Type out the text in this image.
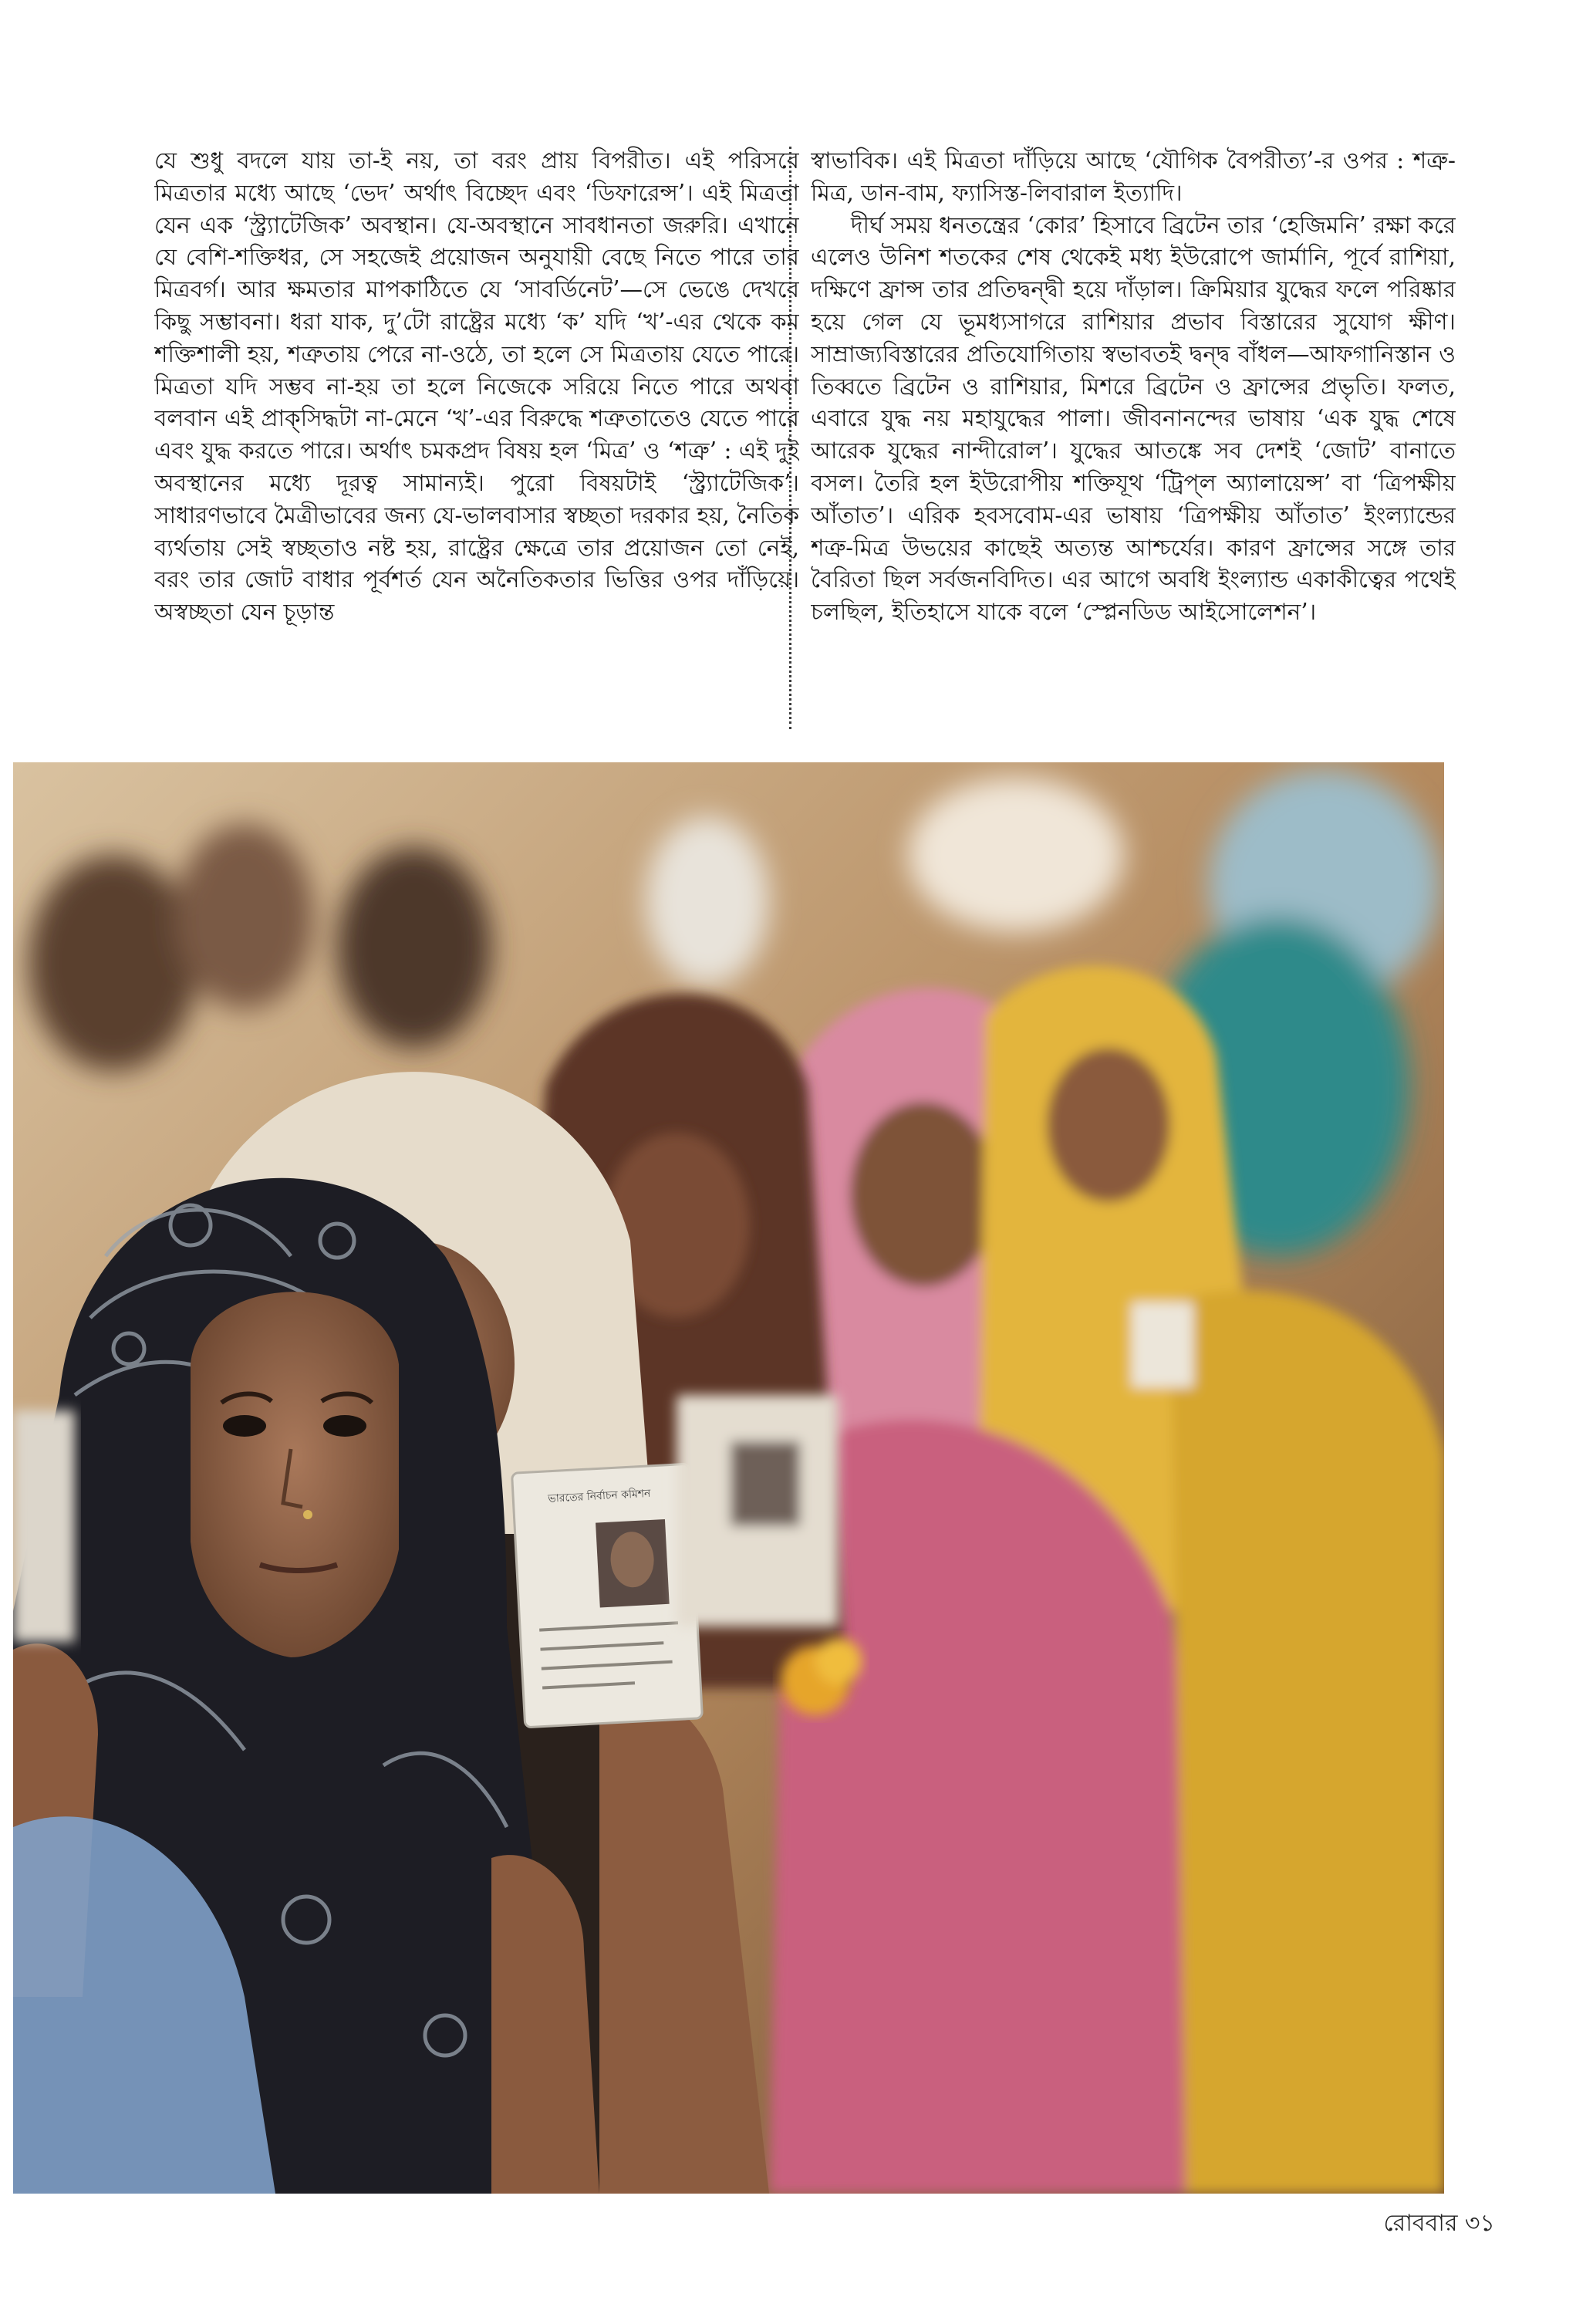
যে শুধু বদলে যায় তা-ই নয়, তা বরং প্রায় বিপরীত। এই পরিসরে মিত্রতার মধ্যে আছে ‘ভেদ’ অর্থাৎ বিচ্ছেদ এবং ‘ডিফারেন্স’। এই মিত্রতা যেন এক ‘স্ট্র্যাটেজিক’ অবস্থান। যে-অবস্থানে সাবধানতা জরুরি। এখানে যে বেশি-শক্তিধর, সে সহজেই প্রয়োজন অনুযায়ী বেছে নিতে পারে তার মিত্রবর্গ। আর ক্ষমতার মাপকাঠিতে যে ‘সাবর্ডিনেট’—সে ভেঙে দেখবে কিছু সম্ভাবনা। ধরা যাক, দু’টো রাষ্ট্রের মধ্যে ‘ক’ যদি ‘খ’-এর থেকে কম শক্তিশালী হয়, শত্রুতায় পেরে না-ওঠে, তা হলে সে মিত্রতায় যেতে পারে। মিত্রতা যদি সম্ভব না-হয় তা হলে নিজেকে সরিয়ে নিতে পারে অথবা বলবান এই প্রাক্‌সিদ্ধটা না-মেনে ‘খ’-এর বিরুদ্ধে শত্রুতাতেও যেতে পারে এবং যুদ্ধ করতে পারে। অর্থাৎ চমকপ্রদ বিষয় হল ‘মিত্র’ ও ‘শত্রু’ : এই দুই অবস্থানের মধ্যে দূরত্ব সামান্যই। পুরো বিষয়টাই ‘স্ট্র্যাটেজিক’। সাধারণভাবে মৈত্রীভাবের জন্য যে-ভালবাসার স্বচ্ছতা দরকার হয়, নৈতিক ব্যর্থতায় সেই স্বচ্ছতাও নষ্ট হয়, রাষ্ট্রের ক্ষেত্রে তার প্রয়োজন তো নেই, বরং তার জোট বাধার পূর্বশর্ত যেন অনৈতিকতার ভিত্তির ওপর দাঁড়িয়ে। অস্বচ্ছতা যেন চূড়ান্ত

স্বাভাবিক। এই মিত্রতা দাঁড়িয়ে আছে ‘যৌগিক বৈপরীত্য’-র ওপর : শত্রু-মিত্র, ডান-বাম, ফ্যাসিস্ত-লিবারাল ইত্যাদি।

দীর্ঘ সময় ধনতন্ত্রের ‘কোর’ হিসাবে ব্রিটেন তার ‘হেজিমনি’ রক্ষা করে এলেও উনিশ শতকের শেষ থেকেই মধ্য ইউরোপে জার্মানি, পূর্বে রাশিয়া, দক্ষিণে ফ্রান্স তার প্রতিদ্বন্দ্বী হয়ে দাঁড়াল। ক্রিমিয়ার যুদ্ধের ফলে পরিষ্কার হয়ে গেল যে ভূমধ্যসাগরে রাশিয়ার প্রভাব বিস্তারের সুযোগ ক্ষীণ। সাম্রাজ্যবিস্তারের প্রতিযোগিতায় স্বভাবতই দ্বন্দ্ব বাঁধল—আফগানিস্তান ও তিব্বতে ব্রিটেন ও রাশিয়ার, মিশরে ব্রিটেন ও ফ্রান্সের প্রভৃতি। ফলত, এবারে যুদ্ধ নয় মহাযুদ্ধের পালা। জীবনানন্দের ভাষায় ‘এক যুদ্ধ শেষে আরেক যুদ্ধের নান্দীরোল’। যুদ্ধের আতঙ্কে সব দেশই ‘জোট’ বানাতে বসল। তৈরি হল ইউরোপীয় শক্তিযূথ ‘ট্রিপ্‌ল অ্যালায়েন্স’ বা ‘ত্রিপক্ষীয় আঁতাত’। এরিক হবসবোম-এর ভাষায় ‘ত্রিপক্ষীয় আঁতাত’ ইংল্যান্ডের শত্রু-মিত্র উভয়ের কাছেই অত্যন্ত আশ্চর্যের। কারণ ফ্রান্সের সঙ্গে তার বৈরিতা ছিল সর্বজনবিদিত। এর আগে অবধি ইংল্যান্ড একাকীত্বের পথেই চলছিল, ইতিহাসে যাকে বলে ‘স্প্লেনডিড আইসোলেশন’।

ভারতের নির্বাচন কমিশন
রোববার ৩১
